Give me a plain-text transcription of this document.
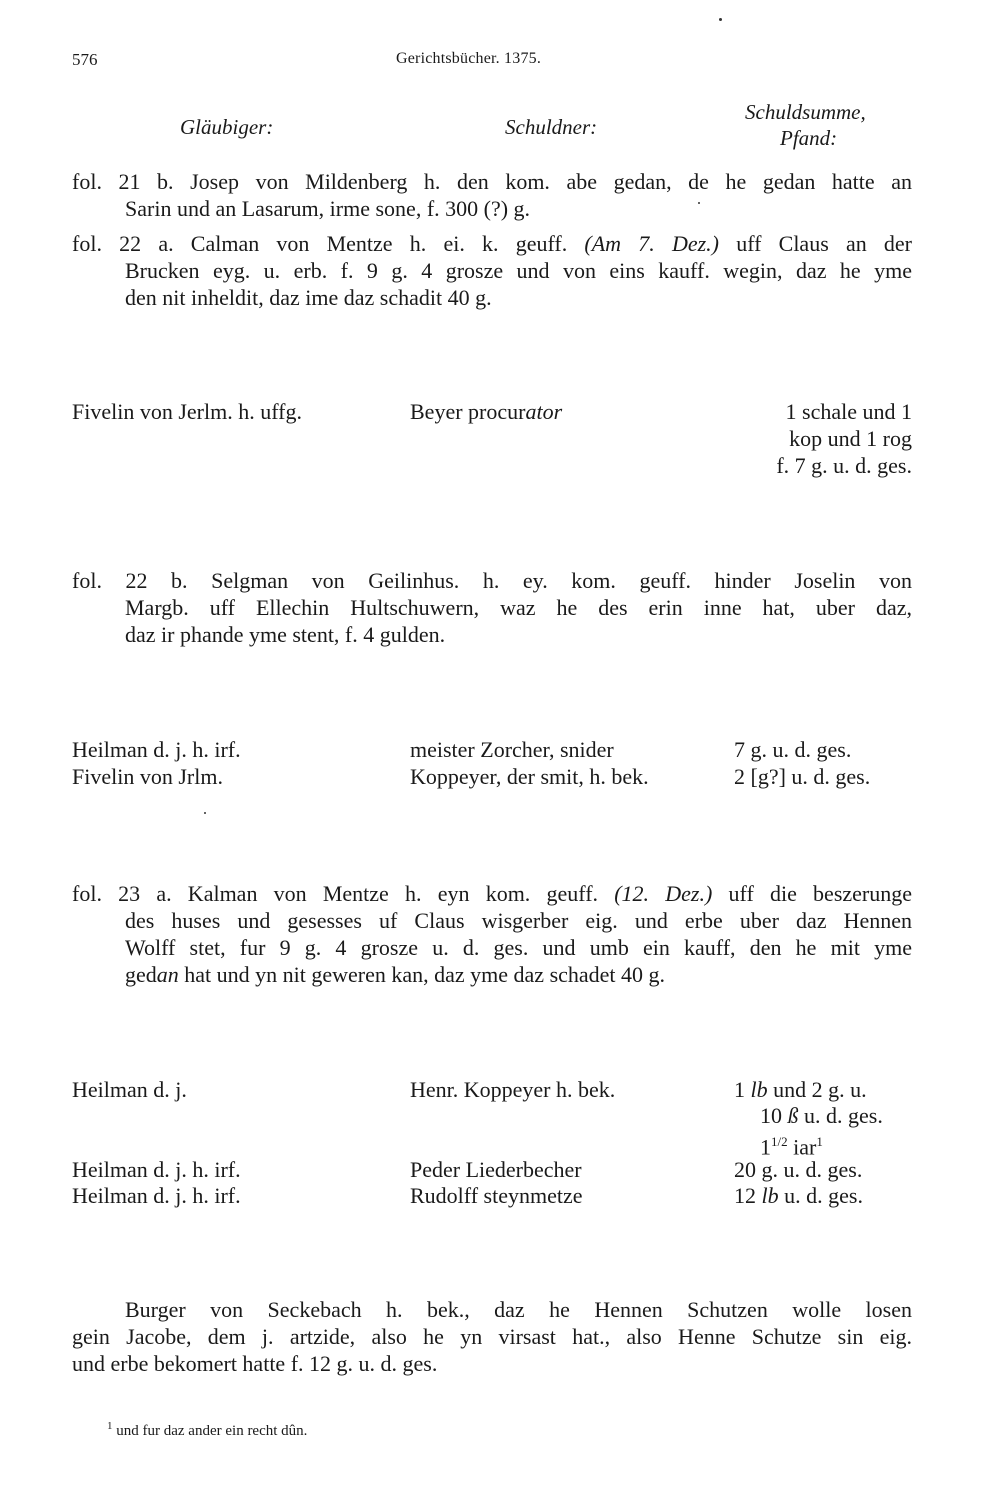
576	Gerichtsbücher. 1375.
Gläubiger:	Schuldner:
Schuldsumme,
Pfand:
fol. 21 b. Josep von Mildenberg h. den kom. abe gedan, de he gedan hatte an
Sarin und an Lasarum, irme sone, f. 300 (?) g.
fol. 22 a. Calman von Mentze h. ei. k. geuff. (Am 7. Dez.) uff Claus an der
Brucken eyg. u. erb. f. 9 g. 4 grosze und von eins kauff. wegin, daz he yme
den nit inheldit, daz ime daz schadit 40 g.
Fivelin von Jerlm. h. uffg.	Beyer procurator	1 schale und 1
kop und 1 rog
f. 7 g. u. d. ges.
fol. 22 b. Selgman von Geilinhus. h. ey. kom. geuff. hinder Joselin von
Margb. uff Ellechin Hultschuwern, waz he des erin inne hat, uber daz,
daz ir phande yme stent, f. 4 gulden.
Heilman d. j. h. irf.	meister Zorcher, snider	7 g. u. d. ges.
Fivelin von Jrlm.	Koppeyer, der smit, h. bek.	2 [g?] u. d. ges.
fol. 23 a. Kalman von Mentze h. eyn kom. geuff. (12. Dez.) uff die beszerunge
des huses und gesesses uf Claus wisgerber eig. und erbe uber daz Hennen
Wolff stet, fur 9 g. 4 grosze u. d. ges. und umb ein kauff, den he mit yme
gedan hat und yn nit geweren kan, daz yme daz schadet 40 g.
Heilman d. j.	Henr. Koppeyer h. bek.	1 lb und 2 g. u.
10 ß u. d. ges.
$1^{1/2}$ iar$^1$
Heilman d. j. h. irf.	Peder Liederbecher	20 g. u. d. ges.
Heilman d. j. h. irf.	Rudolff steynmetze	12 lb u. d. ges.
Burger von Seckebach h. bek., daz he Hennen Schutzen wolle losen
gein Jacobe, dem j. artzide, also he yn virsast hat., also Henne Schutze sin eig.
und erbe bekomert hatte f. 12 g. u. d. ges.
$^1$ und fur daz ander ein recht dûn.
